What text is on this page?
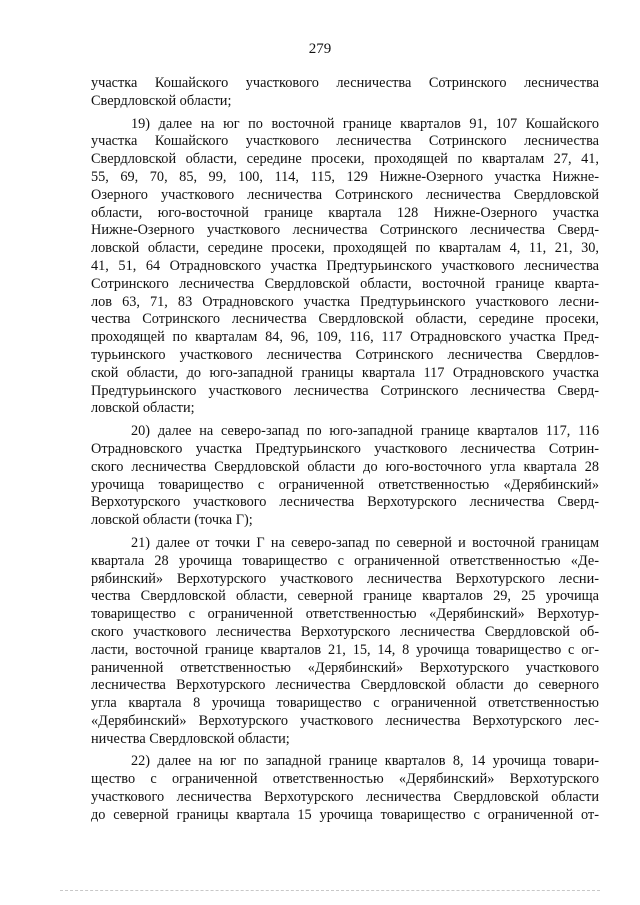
279
участка Кошайского участкового лесничества Сотринского лесничества
Свердловской области;
19) далее на юг по восточной границе кварталов 91, 107 Кошайского
участка Кошайского участкового лесничества Сотринского лесничества
Свердловской области, середине просеки, проходящей по кварталам 27, 41,
55, 69, 70, 85, 99, 100, 114, 115, 129 Нижне-Озерного участка Нижне-
Озерного участкового лесничества Сотринского лесничества Свердловской
области, юго-восточной границе квартала 128 Нижне-Озерного участка
Нижне-Озерного участкового лесничества Сотринского лесничества Сверд-
ловской области, середине просеки, проходящей по кварталам 4, 11, 21, 30,
41, 51, 64 Отрадновского участка Предтурьинского участкового лесничества
Сотринского лесничества Свердловской области, восточной границе кварта-
лов 63, 71, 83 Отрадновского участка Предтурьинского участкового лесни-
чества Сотринского лесничества Свердловской области, середине просеки,
проходящей по кварталам 84, 96, 109, 116, 117 Отрадновского участка Пред-
турьинского участкового лесничества Сотринского лесничества Свердлов-
ской области, до юго-западной границы квартала 117 Отрадновского участка
Предтурьинского участкового лесничества Сотринского лесничества Сверд-
ловской области;
20) далее на северо-запад по юго-западной границе кварталов 117, 116
Отрадновского участка Предтурьинского участкового лесничества Сотрин-
ского лесничества Свердловской области до юго-восточного угла квартала 28
урочища товарищество с ограниченной ответственностью «Дерябинский»
Верхотурского участкового лесничества Верхотурского лесничества Сверд-
ловской области (точка Г);
21) далее от точки Г на северо-запад по северной и восточной границам
квартала 28 урочища товарищество с ограниченной ответственностью «Де-
рябинский» Верхотурского участкового лесничества Верхотурского лесни-
чества Свердловской области, северной границе кварталов 29, 25 урочища
товарищество с ограниченной ответственностью «Дерябинский» Верхотур-
ского участкового лесничества Верхотурского лесничества Свердловской об-
ласти, восточной границе кварталов 21, 15, 14, 8 урочища товарищество с ог-
раниченной ответственностью «Дерябинский» Верхотурского участкового
лесничества Верхотурского лесничества Свердловской области до северного
угла квартала 8 урочища товарищество с ограниченной ответственностью
«Дерябинский» Верхотурского участкового лесничества Верхотурского лес-
ничества Свердловской области;
22) далее на юг по западной границе кварталов 8, 14 урочища товари-
щество с ограниченной ответственностью «Дерябинский» Верхотурского
участкового лесничества Верхотурского лесничества Свердловской области
до северной границы квартала 15 урочища товарищество с ограниченной от-
